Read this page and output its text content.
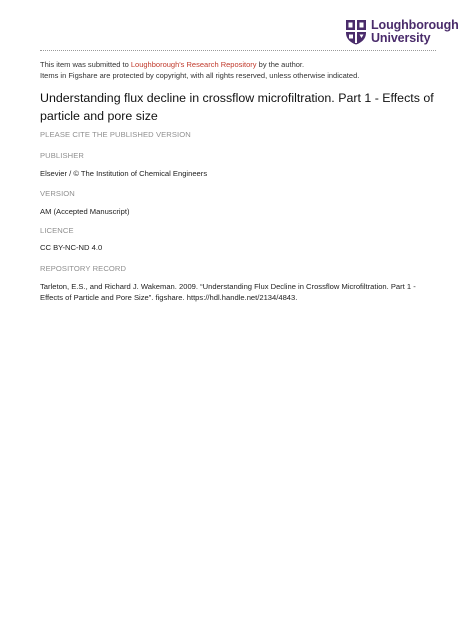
Loughborough
University
This item was submitted to Loughborough's Research Repository by the author.
Items in Figshare are protected by copyright, with all rights reserved, unless otherwise indicated.
Understanding flux decline in crossflow microfiltration. Part 1 - Effects of particle and pore size
PLEASE CITE THE PUBLISHED VERSION
PUBLISHER
Elsevier / © The Institution of Chemical Engineers
VERSION
AM (Accepted Manuscript)
LICENCE
CC BY-NC-ND 4.0
REPOSITORY RECORD
Tarleton, E.S., and Richard J. Wakeman. 2009. “Understanding Flux Decline in Crossflow Microfiltration. Part 1 - Effects of Particle and Pore Size”. figshare. https://hdl.handle.net/2134/4843.
